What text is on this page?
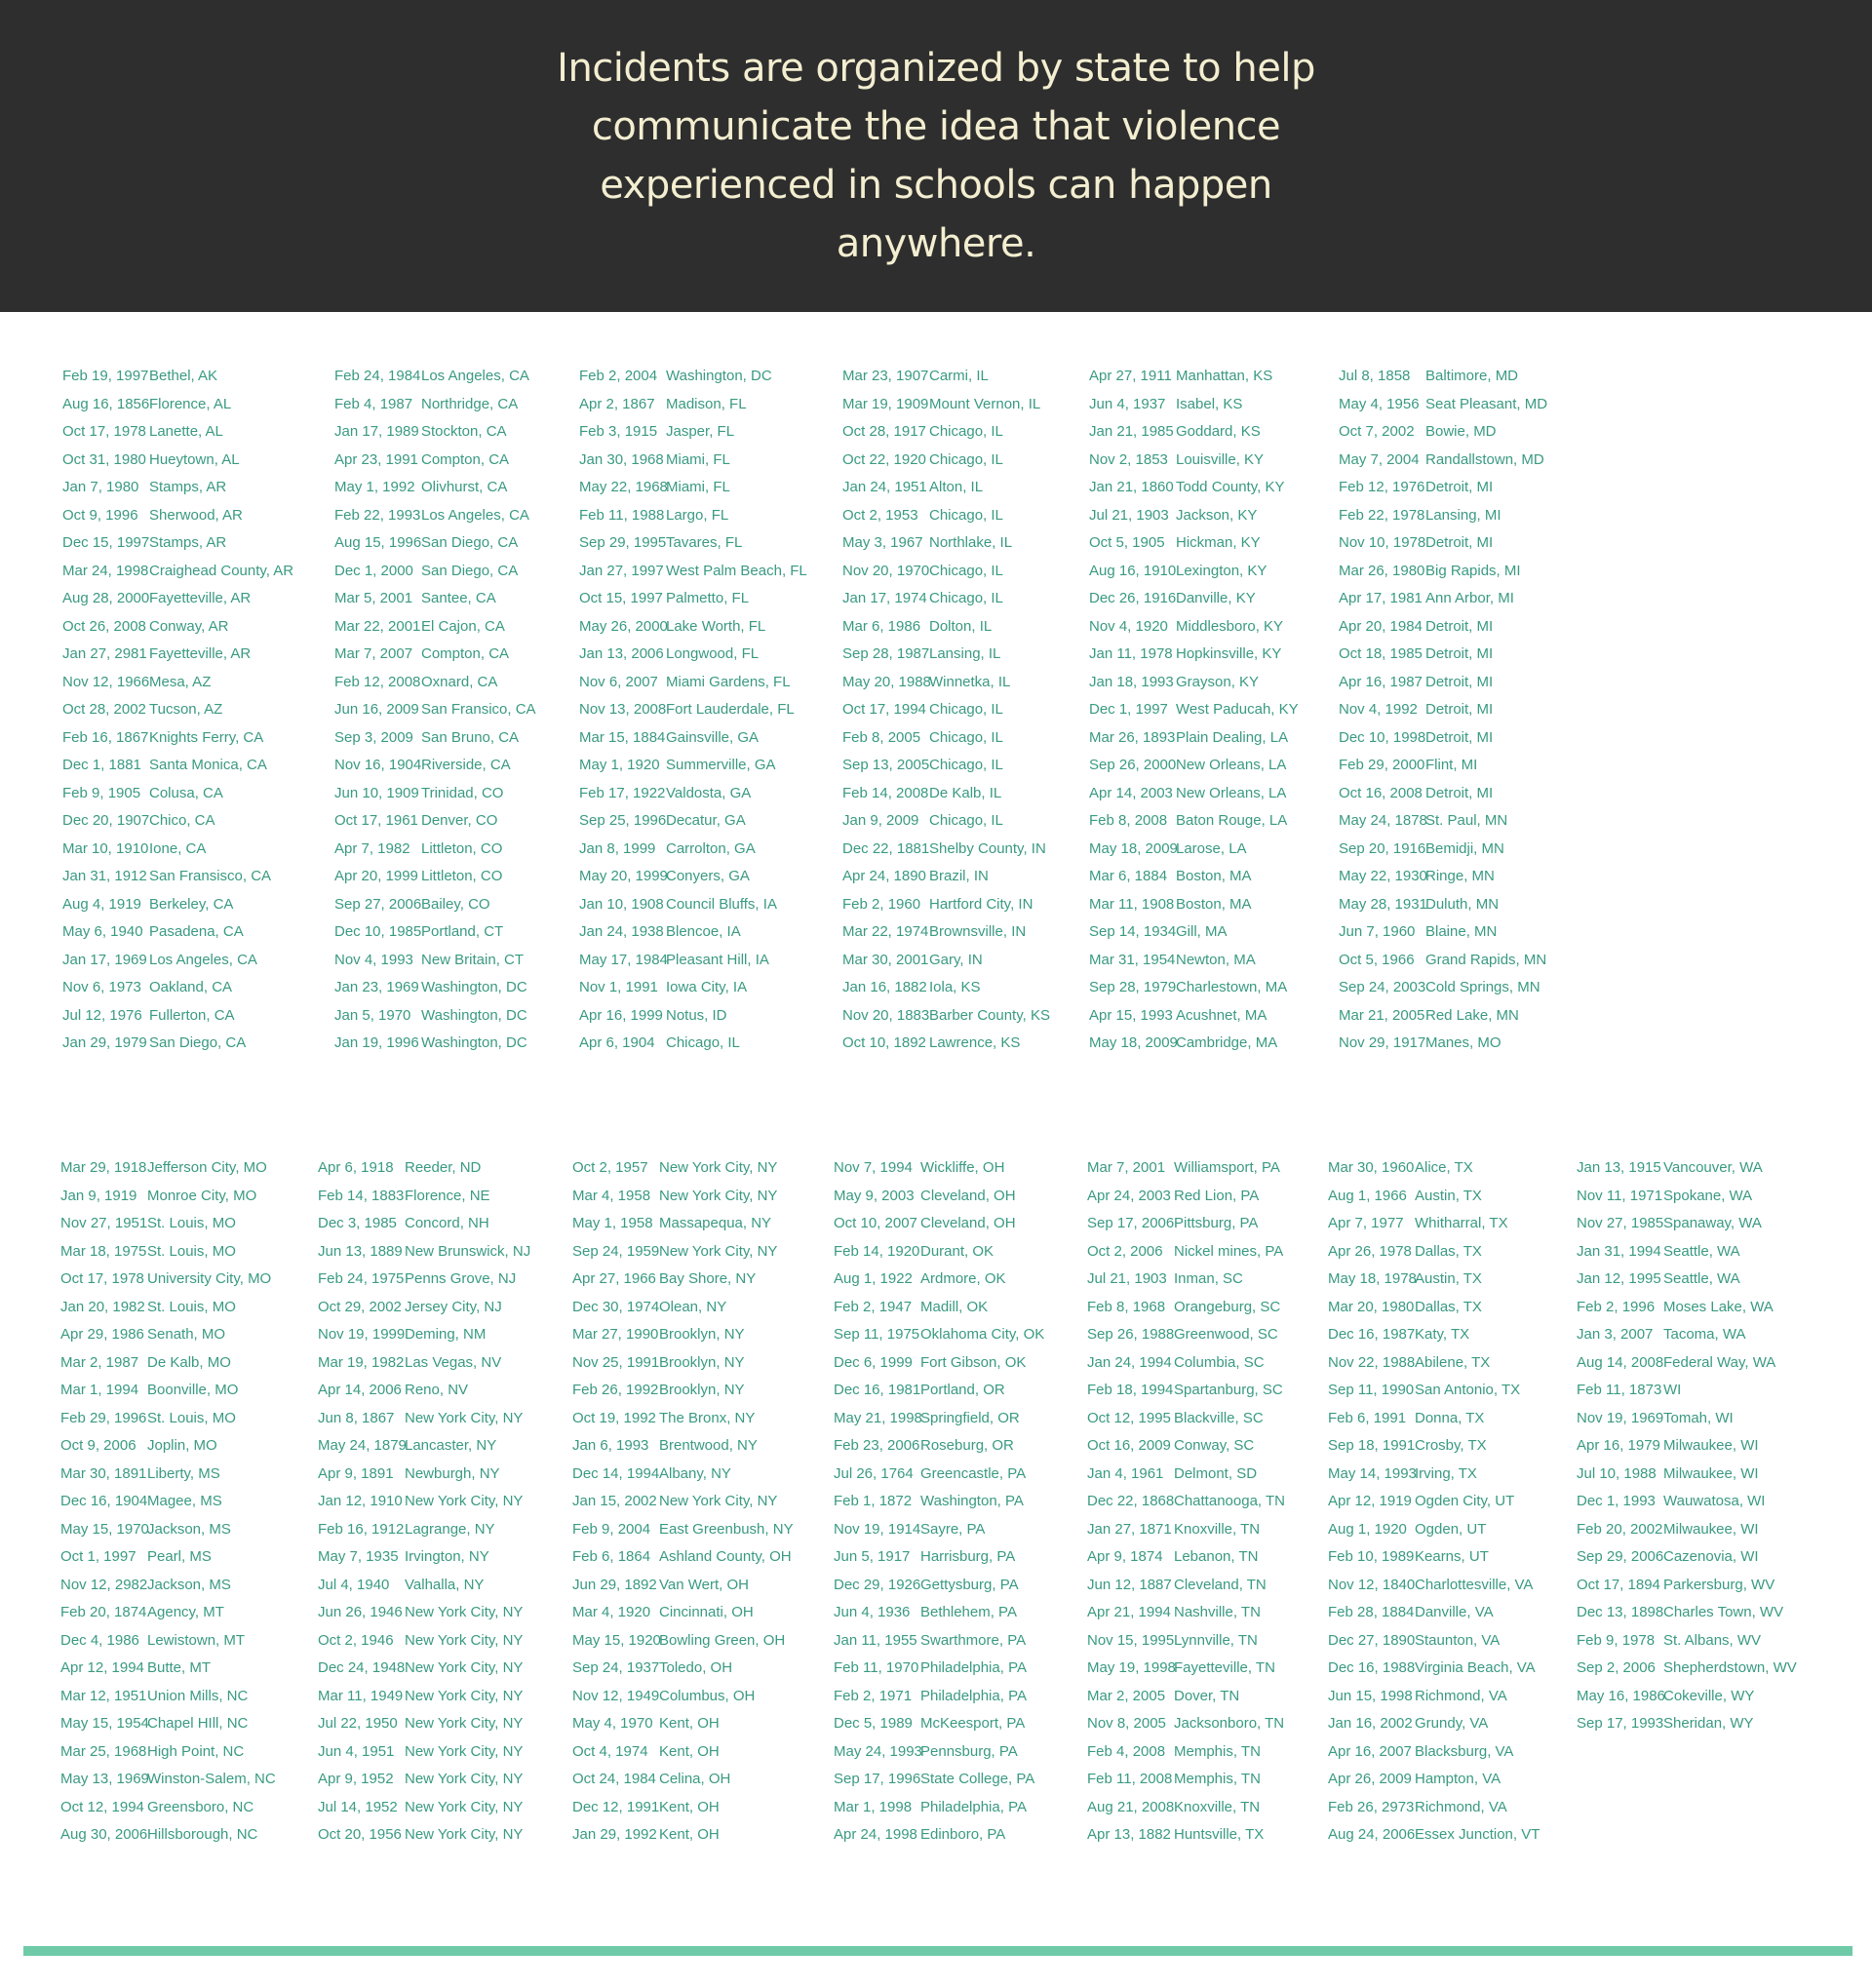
Incidents are organized by state to help communicate the idea that violence experienced in schools can happen anywhere.
Feb 19, 1997Bethel, AK
Aug 16, 1856Florence, AL
Oct 17, 1978 Lanette, AL
Oct 31, 1980 Hueytown, AL
Jan 7, 1980 Stamps, AR
Oct 9, 1996 Sherwood, AR
Dec 15, 1997Stamps, AR
Mar 24, 1998Craighead County, AR
Aug 28, 2000Fayetteville, AR
Oct 26, 2008 Conway, AR
Jan 27, 2981 Fayetteville, AR
Nov 12, 1966Mesa, AZ
Oct 28, 2002 Tucson, AZ
Feb 16, 1867Knights Ferry, CA
Dec 1, 1881 Santa Monica, CA
Feb 9, 1905 Colusa, CA
Dec 20, 1907Chico, CA
Mar 10, 1910Ione, CA
Jan 31, 1912 San Fransisco, CA
Aug 4, 1919 Berkeley, CA
May 6, 1940 Pasadena, CA
Jan 17, 1969 Los Angeles, CA
Nov 6, 1973 Oakland, CA
Jul 12, 1976 Fullerton, CA
Jan 29, 1979 San Diego, CA
Feb 24, 1984Los Angeles, CA
Feb 4, 1987 Northridge, CA
Jan 17, 1989 Stockton, CA
Apr 23, 1991 Compton, CA
May 1, 1992 Olivhurst, CA
Feb 22, 1993Los Angeles, CA
Aug 15, 1996San Diego, CA
Dec 1, 2000 San Diego, CA
Mar 5, 2001 Santee, CA
Mar 22, 2001El Cajon, CA
Mar 7, 2007 Compton, CA
Feb 12, 2008Oxnard, CA
Jun 16, 2009 San Fransico, CA
Sep 3, 2009 San Bruno, CA
Nov 16, 1904Riverside, CA
Jun 10, 1909 Trinidad, CO
Oct 17, 1961 Denver, CO
Apr 7, 1982 Littleton, CO
Apr 20, 1999 Littleton, CO
Sep 27, 2006Bailey, CO
Dec 10, 1985Portland, CT
Nov 4, 1993 New Britain, CT
Jan 23, 1969 Washington, DC
Jan 5, 1970 Washington, DC
Jan 19, 1996 Washington, DC
Feb 2, 2004 Washington, DC
Apr 2, 1867 Madison, FL
Feb 3, 1915 Jasper, FL
Jan 30, 1968 Miami, FL
May 22, 1968Miami, FL
Feb 11, 1988 Largo, FL
Sep 29, 1995Tavares, FL
Jan 27, 1997 West Palm Beach, FL
Oct 15, 1997 Palmetto, FL
May 26, 2000Lake Worth, FL
Jan 13, 2006 Longwood, FL
Nov 6, 2007 Miami Gardens, FL
Nov 13, 2008Fort Lauderdale, FL
Mar 15, 1884Gainsville, GA
May 1, 1920 Summerville, GA
Feb 17, 1922Valdosta, GA
Sep 25, 1996Decatur, GA
Jan 8, 1999 Carrolton, GA
May 20, 1999Conyers, GA
Jan 10, 1908 Council Bluffs, IA
Jan 24, 1938 Blencoe, IA
May 17, 1984Pleasant Hill, IA
Nov 1, 1991 Iowa City, IA
Apr 16, 1999 Notus, ID
Apr 6, 1904 Chicago, IL
Mar 23, 1907Carmi, IL
Mar 19, 1909Mount Vernon, IL
Oct 28, 1917 Chicago, IL
Oct 22, 1920 Chicago, IL
Jan 24, 1951 Alton, IL
Oct 2, 1953 Chicago, IL
May 3, 1967 Northlake, IL
Nov 20, 1970Chicago, IL
Jan 17, 1974 Chicago, IL
Mar 6, 1986 Dolton, IL
Sep 28, 1987Lansing, IL
May 20, 1988Winnetka, IL
Oct 17, 1994 Chicago, IL
Feb 8, 2005 Chicago, IL
Sep 13, 2005Chicago, IL
Feb 14, 2008De Kalb, IL
Jan 9, 2009 Chicago, IL
Dec 22, 1881Shelby County, IN
Apr 24, 1890 Brazil, IN
Feb 2, 1960 Hartford City, IN
Mar 22, 1974Brownsville, IN
Mar 30, 2001Gary, IN
Jan 16, 1882 Iola, KS
Nov 20, 1883Barber County, KS
Oct 10, 1892 Lawrence, KS
Apr 27, 1911 Manhattan, KS
Jun 4, 1937 Isabel, KS
Jan 21, 1985 Goddard, KS
Nov 2, 1853 Louisville, KY
Jan 21, 1860 Todd County, KY
Jul 21, 1903 Jackson, KY
Oct 5, 1905 Hickman, KY
Aug 16, 1910Lexington, KY
Dec 26, 1916Danville, KY
Nov 4, 1920 Middlesboro, KY
Jan 11, 1978 Hopkinsville, KY
Jan 18, 1993 Grayson, KY
Dec 1, 1997 West Paducah, KY
Mar 26, 1893Plain Dealing, LA
Sep 26, 2000New Orleans, LA
Apr 14, 2003 New Orleans, LA
Feb 8, 2008 Baton Rouge, LA
May 18, 2009Larose, LA
Mar 6, 1884 Boston, MA
Mar 11, 1908 Boston, MA
Sep 14, 1934Gill, MA
Mar 31, 1954Newton, MA
Sep 28, 1979Charlestown, MA
Apr 15, 1993 Acushnet, MA
May 18, 2009Cambridge, MA
Jul 8, 1858 Baltimore, MD
May 4, 1956 Seat Pleasant, MD
Oct 7, 2002 Bowie, MD
May 7, 2004 Randallstown, MD
Feb 12, 1976Detroit, MI
Feb 22, 1978Lansing, MI
Nov 10, 1978Detroit, MI
Mar 26, 1980Big Rapids, MI
Apr 17, 1981 Ann Arbor, MI
Apr 20, 1984 Detroit, MI
Oct 18, 1985 Detroit, MI
Apr 16, 1987 Detroit, MI
Nov 4, 1992 Detroit, MI
Dec 10, 1998Detroit, MI
Feb 29, 2000Flint, MI
Oct 16, 2008 Detroit, MI
May 24, 1878St. Paul, MN
Sep 20, 1916Bemidji, MN
May 22, 1930Ringe, MN
May 28, 1931Duluth, MN
Jun 7, 1960 Blaine, MN
Oct 5, 1966 Grand Rapids, MN
Sep 24, 2003Cold Springs, MN
Mar 21, 2005Red Lake, MN
Nov 29, 1917Manes, MO
Mar 29, 1918Jefferson City, MO
Jan 9, 1919 Monroe City, MO
Nov 27, 1951St. Louis, MO
Mar 18, 1975St. Louis, MO
Oct 17, 1978 University City, MO
Jan 20, 1982 St. Louis, MO
Apr 29, 1986 Senath, MO
Mar 2, 1987 De Kalb, MO
Mar 1, 1994 Boonville, MO
Feb 29, 1996St. Louis, MO
Oct 9, 2006 Joplin, MO
Mar 30, 1891Liberty, MS
Dec 16, 1904Magee, MS
May 15, 1970Jackson, MS
Oct 1, 1997 Pearl, MS
Nov 12, 2982Jackson, MS
Feb 20, 1874Agency, MT
Dec 4, 1986 Lewistown, MT
Apr 12, 1994 Butte, MT
Mar 12, 1951Union Mills, NC
May 15, 1954Chapel HIll, NC
Mar 25, 1968High Point, NC
May 13, 1969Winston-Salem, NC
Oct 12, 1994 Greensboro, NC
Aug 30, 2006Hillsborough, NC
Apr 6, 1918 Reeder, ND
Feb 14, 1883Florence, NE
Dec 3, 1985 Concord, NH
Jun 13, 1889 New Brunswick, NJ
Feb 24, 1975Penns Grove, NJ
Oct 29, 2002 Jersey City, NJ
Nov 19, 1999Deming, NM
Mar 19, 1982Las Vegas, NV
Apr 14, 2006 Reno, NV
Jun 8, 1867 New York City, NY
May 24, 1879Lancaster, NY
Apr 9, 1891 Newburgh, NY
Jan 12, 1910 New York City, NY
Feb 16, 1912Lagrange, NY
May 7, 1935 Irvington, NY
Jul 4, 1940 Valhalla, NY
Jun 26, 1946 New York City, NY
Oct 2, 1946 New York City, NY
Dec 24, 1948New York City, NY
Mar 11, 1949 New York City, NY
Jul 22, 1950 New York City, NY
Jun 4, 1951 New York City, NY
Apr 9, 1952 New York City, NY
Jul 14, 1952 New York City, NY
Oct 20, 1956 New York City, NY
Oct 2, 1957 New York City, NY
Mar 4, 1958 New York City, NY
May 1, 1958 Massapequa, NY
Sep 24, 1959New York City, NY
Apr 27, 1966 Bay Shore, NY
Dec 30, 1974Olean, NY
Mar 27, 1990Brooklyn, NY
Nov 25, 1991Brooklyn, NY
Feb 26, 1992Brooklyn, NY
Oct 19, 1992 The Bronx, NY
Jan 6, 1993 Brentwood, NY
Dec 14, 1994Albany, NY
Jan 15, 2002 New York City, NY
Feb 9, 2004 East Greenbush, NY
Feb 6, 1864 Ashland County, OH
Jun 29, 1892 Van Wert, OH
Mar 4, 1920 Cincinnati, OH
May 15, 1920Bowling Green, OH
Sep 24, 1937Toledo, OH
Nov 12, 1949Columbus, OH
May 4, 1970 Kent, OH
Oct 4, 1974 Kent, OH
Oct 24, 1984 Celina, OH
Dec 12, 1991Kent, OH
Jan 29, 1992 Kent, OH
Nov 7, 1994 Wickliffe, OH
May 9, 2003 Cleveland, OH
Oct 10, 2007 Cleveland, OH
Feb 14, 1920Durant, OK
Aug 1, 1922 Ardmore, OK
Feb 2, 1947 Madill, OK
Sep 11, 1975Oklahoma City, OK
Dec 6, 1999 Fort Gibson, OK
Dec 16, 1981Portland, OR
May 21, 1998Springfield, OR
Feb 23, 2006Roseburg, OR
Jul 26, 1764 Greencastle, PA
Feb 1, 1872 Washington, PA
Nov 19, 1914Sayre, PA
Jun 5, 1917 Harrisburg, PA
Dec 29, 1926Gettysburg, PA
Jun 4, 1936 Bethlehem, PA
Jan 11, 1955 Swarthmore, PA
Feb 11, 1970 Philadelphia, PA
Feb 2, 1971 Philadelphia, PA
Dec 5, 1989 McKeesport, PA
May 24, 1993Pennsburg, PA
Sep 17, 1996State College, PA
Mar 1, 1998 Philadelphia, PA
Apr 24, 1998 Edinboro, PA
Mar 7, 2001 Williamsport, PA
Apr 24, 2003 Red Lion, PA
Sep 17, 2006Pittsburg, PA
Oct 2, 2006 Nickel mines, PA
Jul 21, 1903 Inman, SC
Feb 8, 1968 Orangeburg, SC
Sep 26, 1988Greenwood, SC
Jan 24, 1994 Columbia, SC
Feb 18, 1994Spartanburg, SC
Oct 12, 1995 Blackville, SC
Oct 16, 2009 Conway, SC
Jan 4, 1961 Delmont, SD
Dec 22, 1868Chattanooga, TN
Jan 27, 1871 Knoxville, TN
Apr 9, 1874 Lebanon, TN
Jun 12, 1887 Cleveland, TN
Apr 21, 1994 Nashville, TN
Nov 15, 1995Lynnville, TN
May 19, 1998Fayetteville, TN
Mar 2, 2005 Dover, TN
Nov 8, 2005 Jacksonboro, TN
Feb 4, 2008 Memphis, TN
Feb 11, 2008 Memphis, TN
Aug 21, 2008Knoxville, TN
Apr 13, 1882 Huntsville, TX
Mar 30, 1960Alice, TX
Aug 1, 1966 Austin, TX
Apr 7, 1977 Whitharral, TX
Apr 26, 1978 Dallas, TX
May 18, 1978Austin, TX
Mar 20, 1980Dallas, TX
Dec 16, 1987Katy, TX
Nov 22, 1988Abilene, TX
Sep 11, 1990San Antonio, TX
Feb 6, 1991 Donna, TX
Sep 18, 1991Crosby, TX
May 14, 1993Irving, TX
Apr 12, 1919 Ogden City, UT
Aug 1, 1920 Ogden, UT
Feb 10, 1989Kearns, UT
Nov 12, 1840Charlottesville, VA
Feb 28, 1884Danville, VA
Dec 27, 1890Staunton, VA
Dec 16, 1988Virginia Beach, VA
Jun 15, 1998 Richmond, VA
Jan 16, 2002 Grundy, VA
Apr 16, 2007 Blacksburg, VA
Apr 26, 2009 Hampton, VA
Feb 26, 2973Richmond, VA
Aug 24, 2006Essex Junction, VT
Jan 13, 1915 Vancouver, WA
Nov 11, 1971Spokane, WA
Nov 27, 1985Spanaway, WA
Jan 31, 1994 Seattle, WA
Jan 12, 1995 Seattle, WA
Feb 2, 1996 Moses Lake, WA
Jan 3, 2007 Tacoma, WA
Aug 14, 2008Federal Way, WA
Feb 11, 1873 WI
Nov 19, 1969Tomah, WI
Apr 16, 1979 Milwaukee, WI
Jul 10, 1988 Milwaukee, WI
Dec 1, 1993 Wauwatosa, WI
Feb 20, 2002Milwaukee, WI
Sep 29, 2006Cazenovia, WI
Oct 17, 1894 Parkersburg, WV
Dec 13, 1898Charles Town, WV
Feb 9, 1978 St. Albans, WV
Sep 2, 2006 Shepherdstown, WV
May 16, 1986Cokeville, WY
Sep 17, 1993Sheridan, WY
